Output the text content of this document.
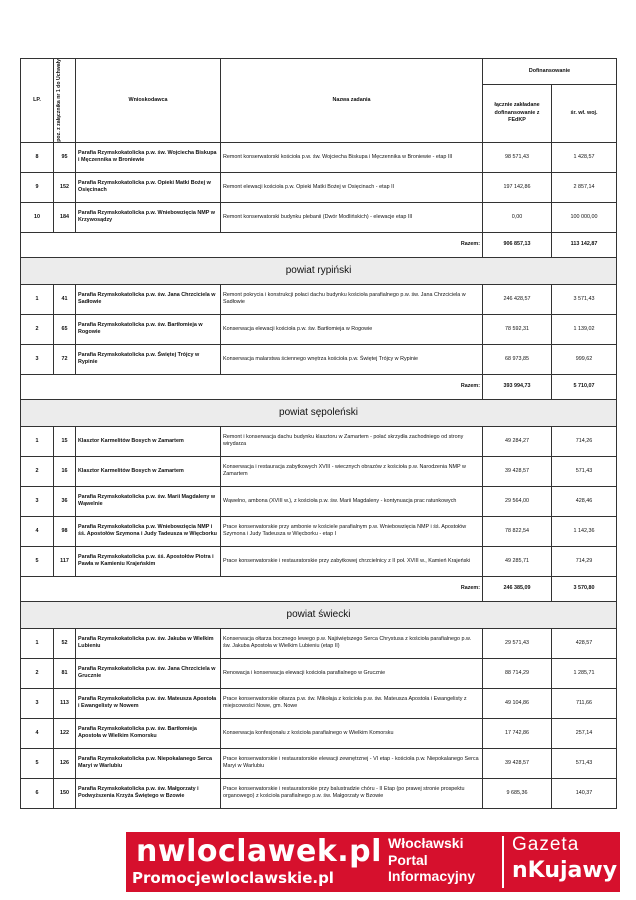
LP.	poz. z załącznika nr 1 do Uchwały	Wnioskodawca	Nazwa zadania	Dofinansowanie	
				łącznie zakładane dofinansowanie z FEdKP	śr. wł. woj.
8	95	Parafia Rzymskokatolicka p.w. św. Wojciecha Biskupa i Męczennika w Broniewie	Remont konserwatorski kościoła p.w. św. Wojciecha Biskupa i Męczennika w Broniewie - etap III	98 571,43	1 428,57
9	152	Parafia Rzymskokatolicka p.w. Opieki Matki Bożej w Osięcinach	Remont elewacji kościoła p.w. Opieki Matki Bożej w Osięcinach - etap II	197 142,86	2 857,14
10	184	Parafia Rzymskokatolicka p.w. Wniebowzięcia NMP w Krzywosądzy	Remont konserwatorski budynku plebanii (Dwór Modlińskich) - elewacje etap III	0,00	100 000,00
Razem:				906 857,13	113 142,87
powiat rypiński					
1	41	Parafia Rzymskokatolicka p.w. św. Jana Chrzciciela w Sadłowie	Remont pokrycia i konstrukcji połaci dachu budynku kościoła parafialnego p.w. św. Jana Chrzciciela w Sadłowie	246 428,57	3 571,43
2	65	Parafia Rzymskokatolicka p.w. św. Bartłomieja w Rogowie	Konserwacja elewacji kościoła p.w. św. Bartłomieja w Rogowie	78 592,31	1 139,02
3	72	Parafia Rzymskokatolicka p.w. Świętej Trójcy w Rypinie	Konserwacja malarstwa ściennego wnętrza kościoła p.w. Świętej Trójcy w Rypinie	68 973,85	999,62
Razem:				393 994,73	5 710,07
powiat sępoleński					
1	15	Klasztor Karmelitów Bosych w Zamartem	Remont i konserwacja dachu budynku klasztoru w Zamartem - połać skrzydła zachodniego od strony wirydarza	49 284,27	714,26
2	16	Klasztor Karmelitów Bosych w Zamartem	Konserwacja i restauracja zabytkowych XVIII - wiecznych obrazów z kościoła p.w. Narodzenia NMP w Zamartem	39 428,57	571,43
3	36	Parafia Rzymskokatolicka p.w. św. Marii Magdaleny w Wąwelnie	Wąwelno, ambona (XVIII w.), z kościoła p.w. św. Marii Magdaleny - kontynuacja prac ratunkowych	29 564,00	428,46
4	98	Parafia Rzymskokatolicka p.w. Wniebowzięcia NMP i śś. Apostołów Szymona i Judy Tadeusza w Więcborku	Prace konserwatorskie przy ambonie w kościele parafialnym p.w. Wniebowzięcia NMP i śś. Apostołów Szymona i Judy Tadeusza w Więcborku - etap I	78 822,54	1 142,36
5	117	Parafia Rzymskokatolicka p.w. śś. Apostołów Piotra i Pawła w Kamieniu Krajeńskim	Prace konserwatorskie i restauratorskie przy zabytkowej chrzcielnicy z II poł. XVIII w., Kamień Krajeński	49 285,71	714,29
Razem:				246 385,09	3 570,80
powiat świecki					
1	52	Parafia Rzymskokatolicka p.w. św. Jakuba w Wielkim Lubieniu	Konserwacja ołtarza bocznego lewego p.w. Najświętszego Serca Chrystusa z kościoła parafialnego p.w. św. Jakuba Apostoła w Wielkim Lubieniu (etap II)	29 571,43	428,57
2	81	Parafia Rzymskokatolicka p.w. św. Jana Chrzciciela w Grucznie	Renowacja i konserwacja elewacji kościoła parafialnego w Grucznie	88 714,29	1 285,71
3	113	Parafia Rzymskokatolicka p.w. św. Mateusza Apostoła i Ewangelisty w Nowem	Prace konserwatorskie ołtarza p.w. św. Mikołaja z kościoła p.w. św. Mateusza Apostoła i Ewangelisty z miejscowości Nowe, gm. Nowe	49 104,86	711,66
4	122	Parafia Rzymskokatolicka p.w. św. Bartłomieja Apostoła w Wielkim Komorsku	Konserwacja konfesjonału z kościoła parafialnego w Wielkim Komorsku	17 742,86	257,14
5	126	Parafia Rzymskokatolicka p.w. Niepokalanego Serca Maryi w Warlubiu	Prace konserwatorskie i restauratorskie elewacji zewnętrznej - VI etap - kościoła p.w. Niepokalanego Serca Maryi w Warlubiu	39 428,57	571,43
6	150	Parafia Rzymskokatolicka p.w. św. Małgorzaty i Podwyższenia Krzyża Świętego w Bzowie	Prace konserwatorskie i restauratorskie przy balustradzie chóru - II Etap (po prawej stronie prospektu organowego) z kościoła parafialnego p.w. św. Małgorzaty w Bzowie	9 685,36	140,37
nwloclawek.pl
Promocjewloclawskie.pl
Włocławski
Portal
Informacyjny
Gazeta
nKujawy
